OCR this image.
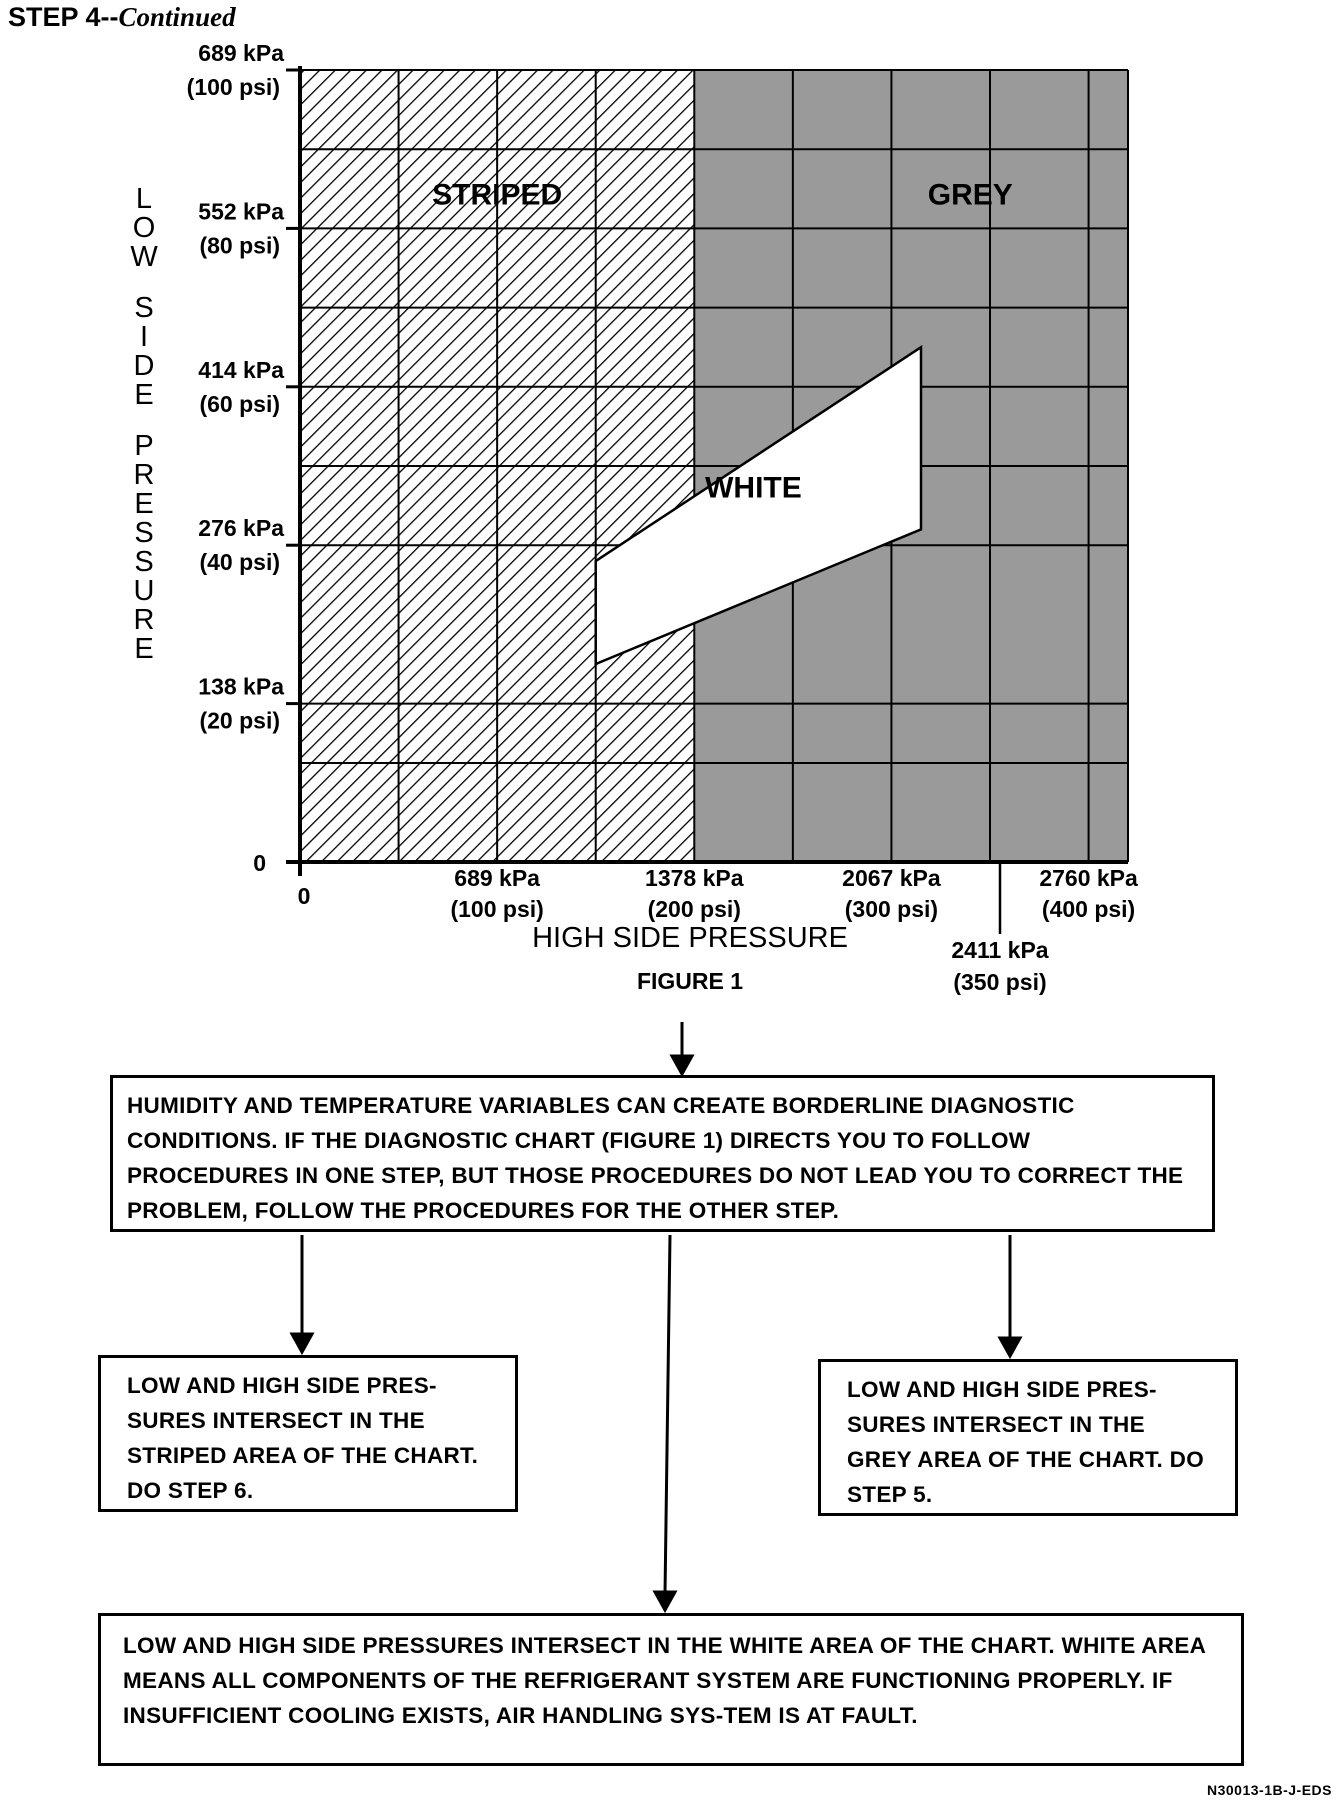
STEP 4--Continued
STRIPED	GREY
WHITE
689 kPa
(100 psi)
552 kPa
(80 psi)
414 kPa
(60 psi)
276 kPa
(40 psi)
138 kPa
(20 psi)
0
L
O
W
S
I
D
E
P
R
E
S
S
U
R
E
0
689 kPa
(100 psi)
1378 kPa
(200 psi)
2067 kPa
(300 psi)
2760 kPa
(400 psi)
2411 kPa
(350 psi)
HIGH SIDE PRESSURE
FIGURE 1
HUMIDITY AND TEMPERATURE VARIABLES CAN CREATE BORDERLINE DIAGNOSTIC CONDITIONS. IF THE DIAGNOSTIC CHART (FIGURE 1) DIRECTS YOU TO FOLLOW PROCEDURES IN ONE STEP, BUT THOSE PROCEDURES DO NOT LEAD YOU TO CORRECT THE PROBLEM, FOLLOW THE PROCEDURES FOR THE OTHER STEP.
LOW AND HIGH SIDE PRES-SURES INTERSECT IN THE STRIPED AREA OF THE CHART. DO STEP 6.
LOW AND HIGH SIDE PRES-SURES INTERSECT IN THE GREY AREA OF THE CHART. DO STEP 5.
LOW AND HIGH SIDE PRESSURES INTERSECT IN THE WHITE AREA OF THE CHART. WHITE AREA MEANS ALL COMPONENTS OF THE REFRIGERANT SYSTEM ARE FUNCTIONING PROPERLY. IF INSUFFICIENT COOLING EXISTS, AIR HANDLING SYS-TEM IS AT FAULT.
N30013-1B-J-EDS
